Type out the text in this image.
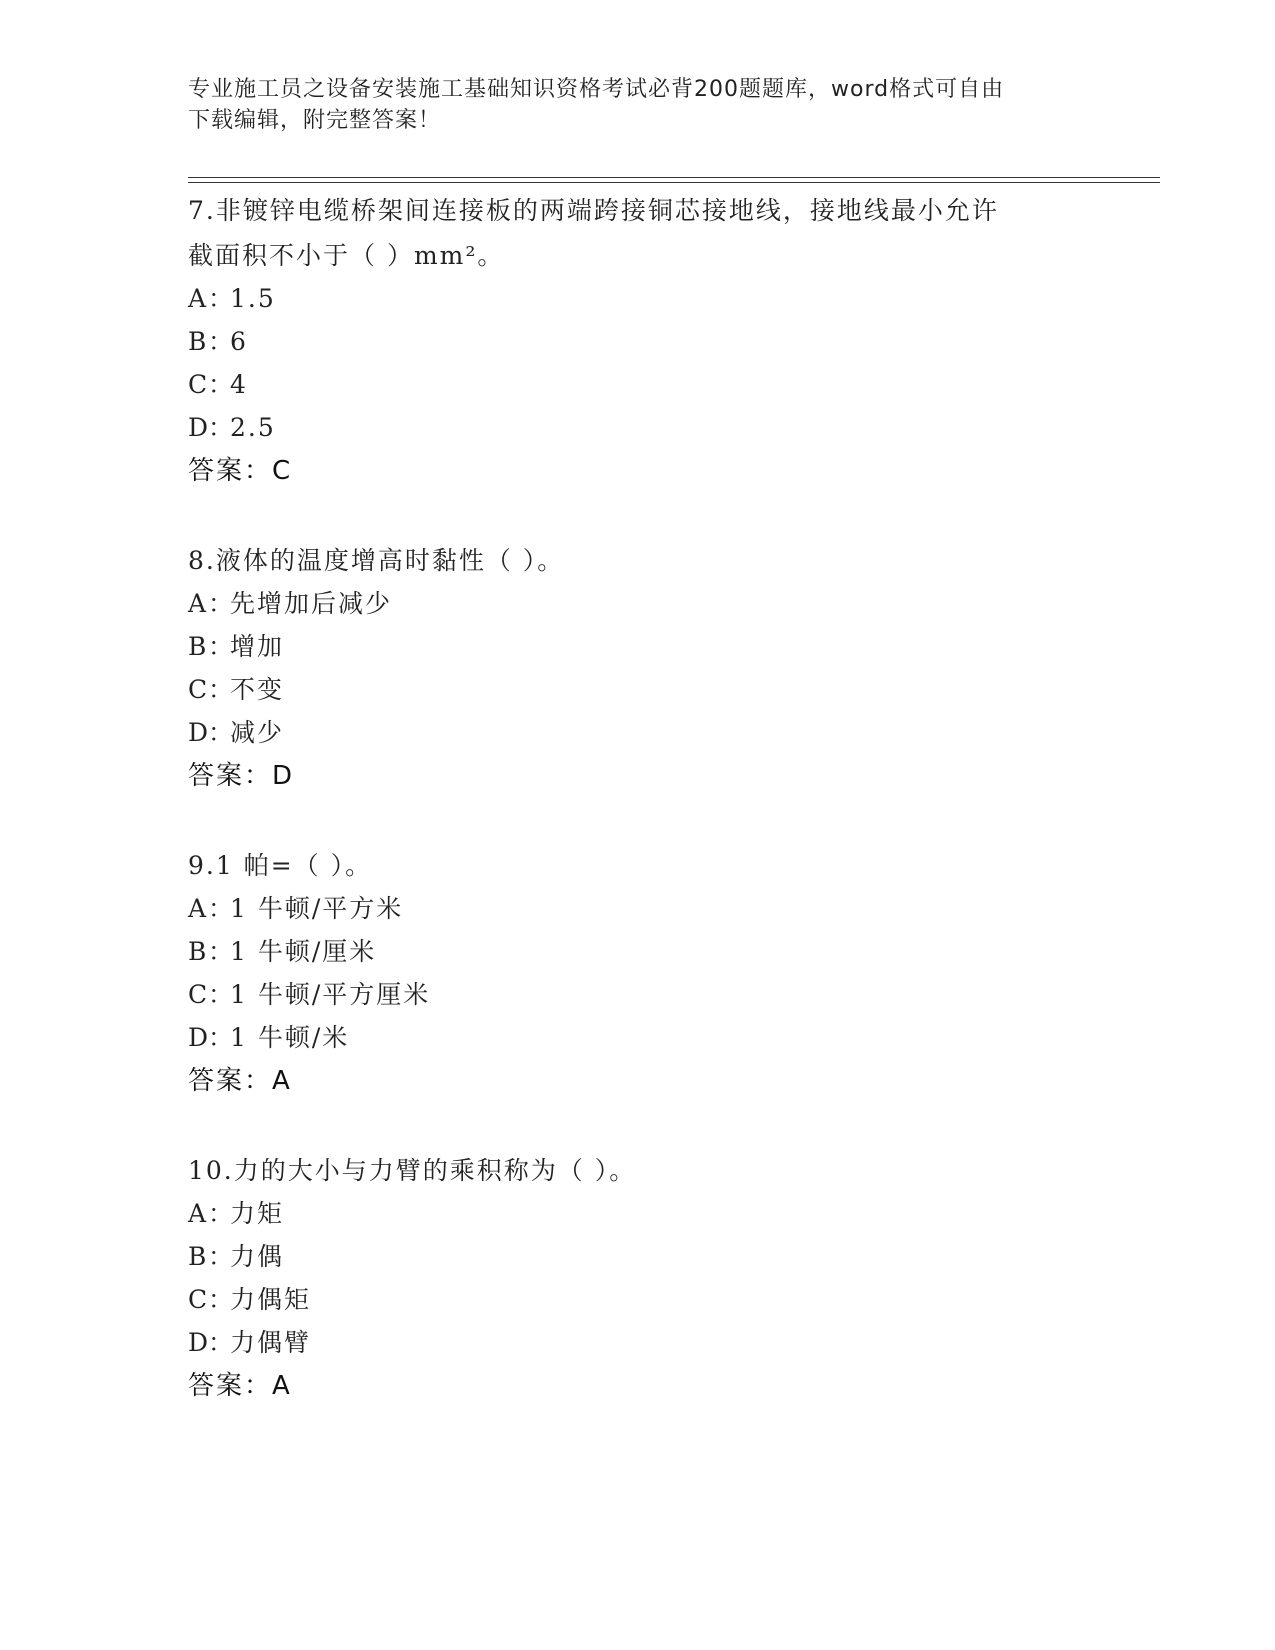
专业施工员之设备安装施工基础知识资格考试必背200题题库，word格式可自由
下载编辑，附完整答案！
7.非镀锌电缆桥架间连接板的两端跨接铜芯接地线，接地线最小允许
截面积不小于（ ）mm²。
A：1.5
B：6
C：4
D：2.5
答案：C
8.液体的温度增高时黏性（ ）。
A：先增加后减少
B：增加
C：不变
D：减少
答案：D
9.1 帕=（ ）。
A：1 牛顿/平方米
B：1 牛顿/厘米
C：1 牛顿/平方厘米
D：1 牛顿/米
答案：A
10.力的大小与力臂的乘积称为（ ）。
A：力矩
B：力偶
C：力偶矩
D：力偶臂
答案：A
